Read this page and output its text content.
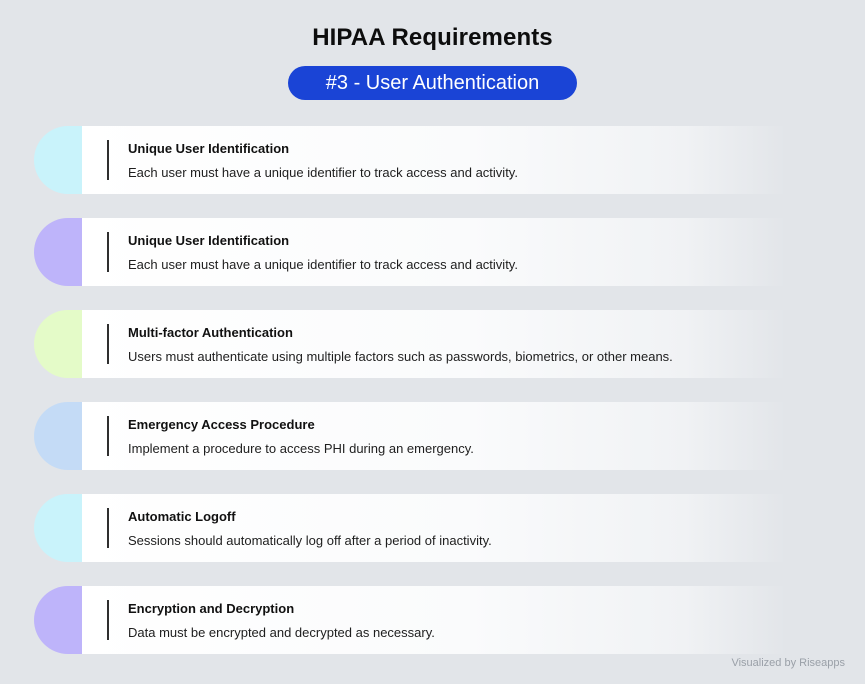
HIPAA Requirements
#3 - User Authentication
Unique User Identification
Each user must have a unique identifier to track access and activity.
Unique User Identification
Each user must have a unique identifier to track access and activity.
Multi-factor Authentication
Users must authenticate using multiple factors such as passwords, biometrics, or other means.
Emergency Access Procedure
Implement a procedure to access PHI during an emergency.
Automatic Logoff
Sessions should automatically log off after a period of inactivity.
Encryption and Decryption
Data must be encrypted and decrypted as necessary.
Visualized by Riseapps
